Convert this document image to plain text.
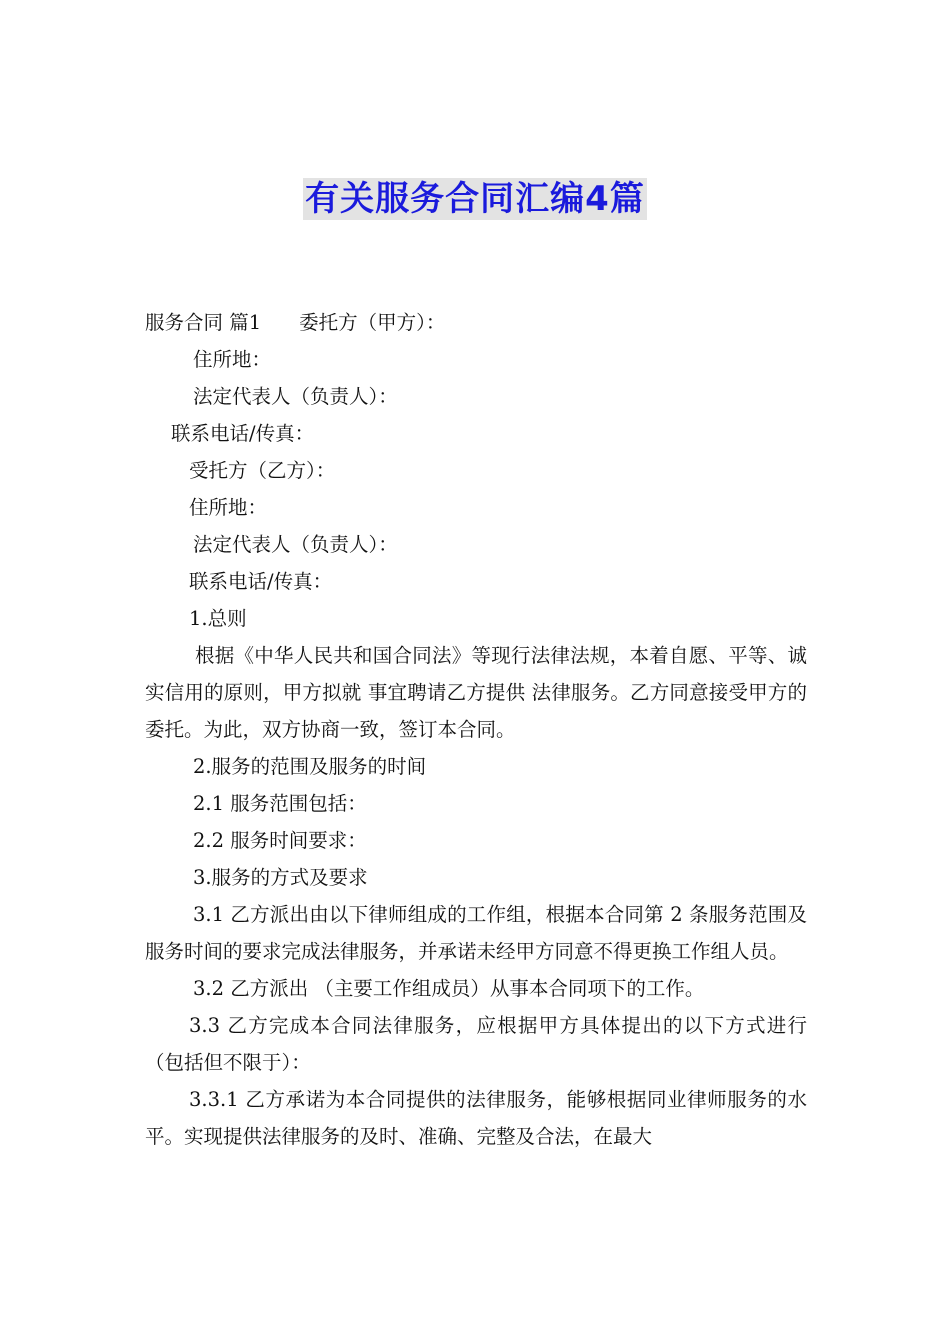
有关服务合同汇编4篇
服务合同 篇1 委托方（甲方）：
住所地：
法定代表人（负责人）：
联系电话/传真：
受托方（乙方）：
住所地：
法定代表人（负责人）：
联系电话/传真：
1.总则
根据《中华人民共和国合同法》等现行法律法规，本着自愿、平等、诚实信用的原则，甲方拟就 事宜聘请乙方提供 法律服务。乙方同意接受甲方的委托。为此，双方协商一致，签订本合同。
2.服务的范围及服务的时间
2.1 服务范围包括：
2.2 服务时间要求：
3.服务的方式及要求
3.1 乙方派出由以下律师组成的工作组，根据本合同第 2 条服务范围及服务时间的要求完成法律服务，并承诺未经甲方同意不得更换工作组人员。
3.2 乙方派出 （主要工作组成员）从事本合同项下的工作。
3.3 乙方完成本合同法律服务，应根据甲方具体提出的以下方式进行（包括但不限于）：
3.3.1 乙方承诺为本合同提供的法律服务，能够根据同业律师服务的水平。实现提供法律服务的及时、准确、完整及合法，在最大
